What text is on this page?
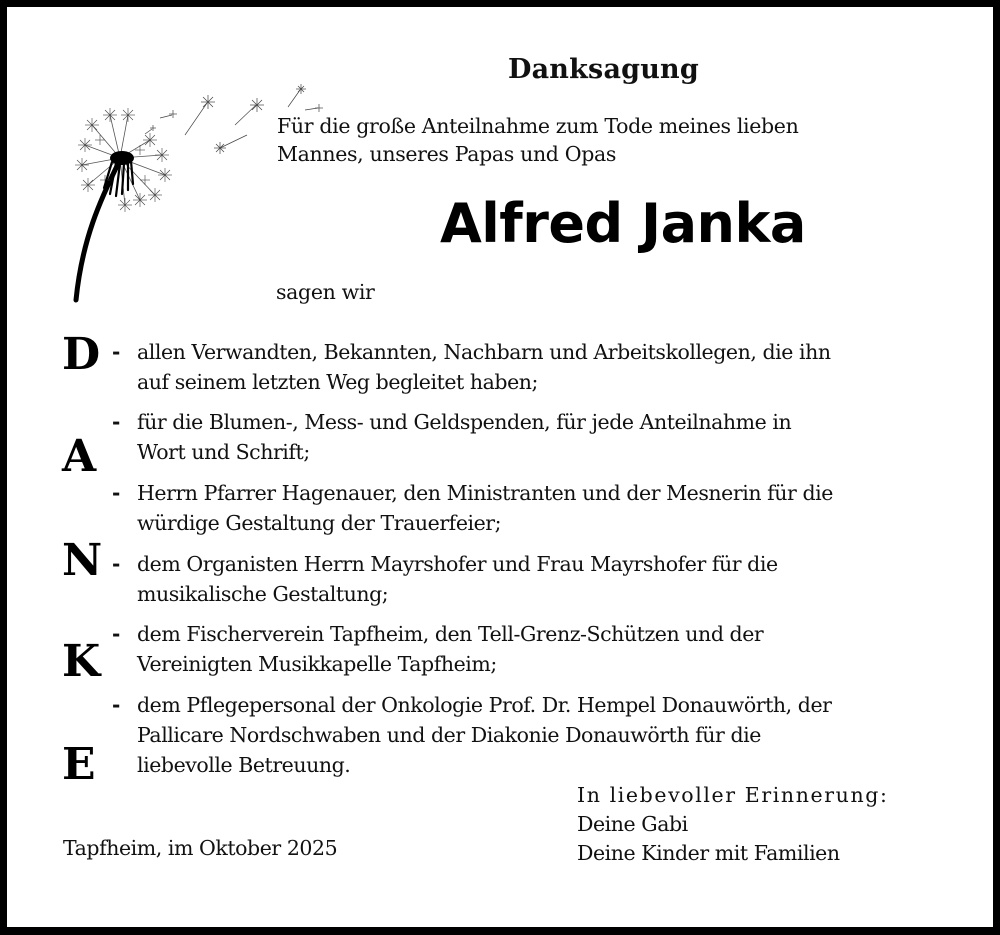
Danksagung
Für die große Anteilnahme zum Tode meines lieben
Mannes, unseres Papas und Opas
Alfred Janka
sagen wir
D
A
N
K
E
- allen Verwandten, Bekannten, Nachbarn und Arbeitskollegen, die ihn
auf seinem letzten Weg begleitet haben;
- für die Blumen-, Mess- und Geldspenden, für jede Anteilnahme in
Wort und Schrift;
- Herrn Pfarrer Hagenauer, den Ministranten und der Mesnerin für die
würdige Gestaltung der Trauerfeier;
- dem Organisten Herrn Mayrshofer und Frau Mayrshofer für die
musikalische Gestaltung;
- dem Fischerverein Tapfheim, den Tell-Grenz-Schützen und der
Vereinigten Musikkapelle Tapfheim;
- dem Pflegepersonal der Onkologie Prof. Dr. Hempel Donauwörth, der
Pallicare Nordschwaben und der Diakonie Donauwörth für die
liebevolle Betreuung.
Tapfheim, im Oktober 2025
In liebevoller Erinnerung:
Deine Gabi
Deine Kinder mit Familien
